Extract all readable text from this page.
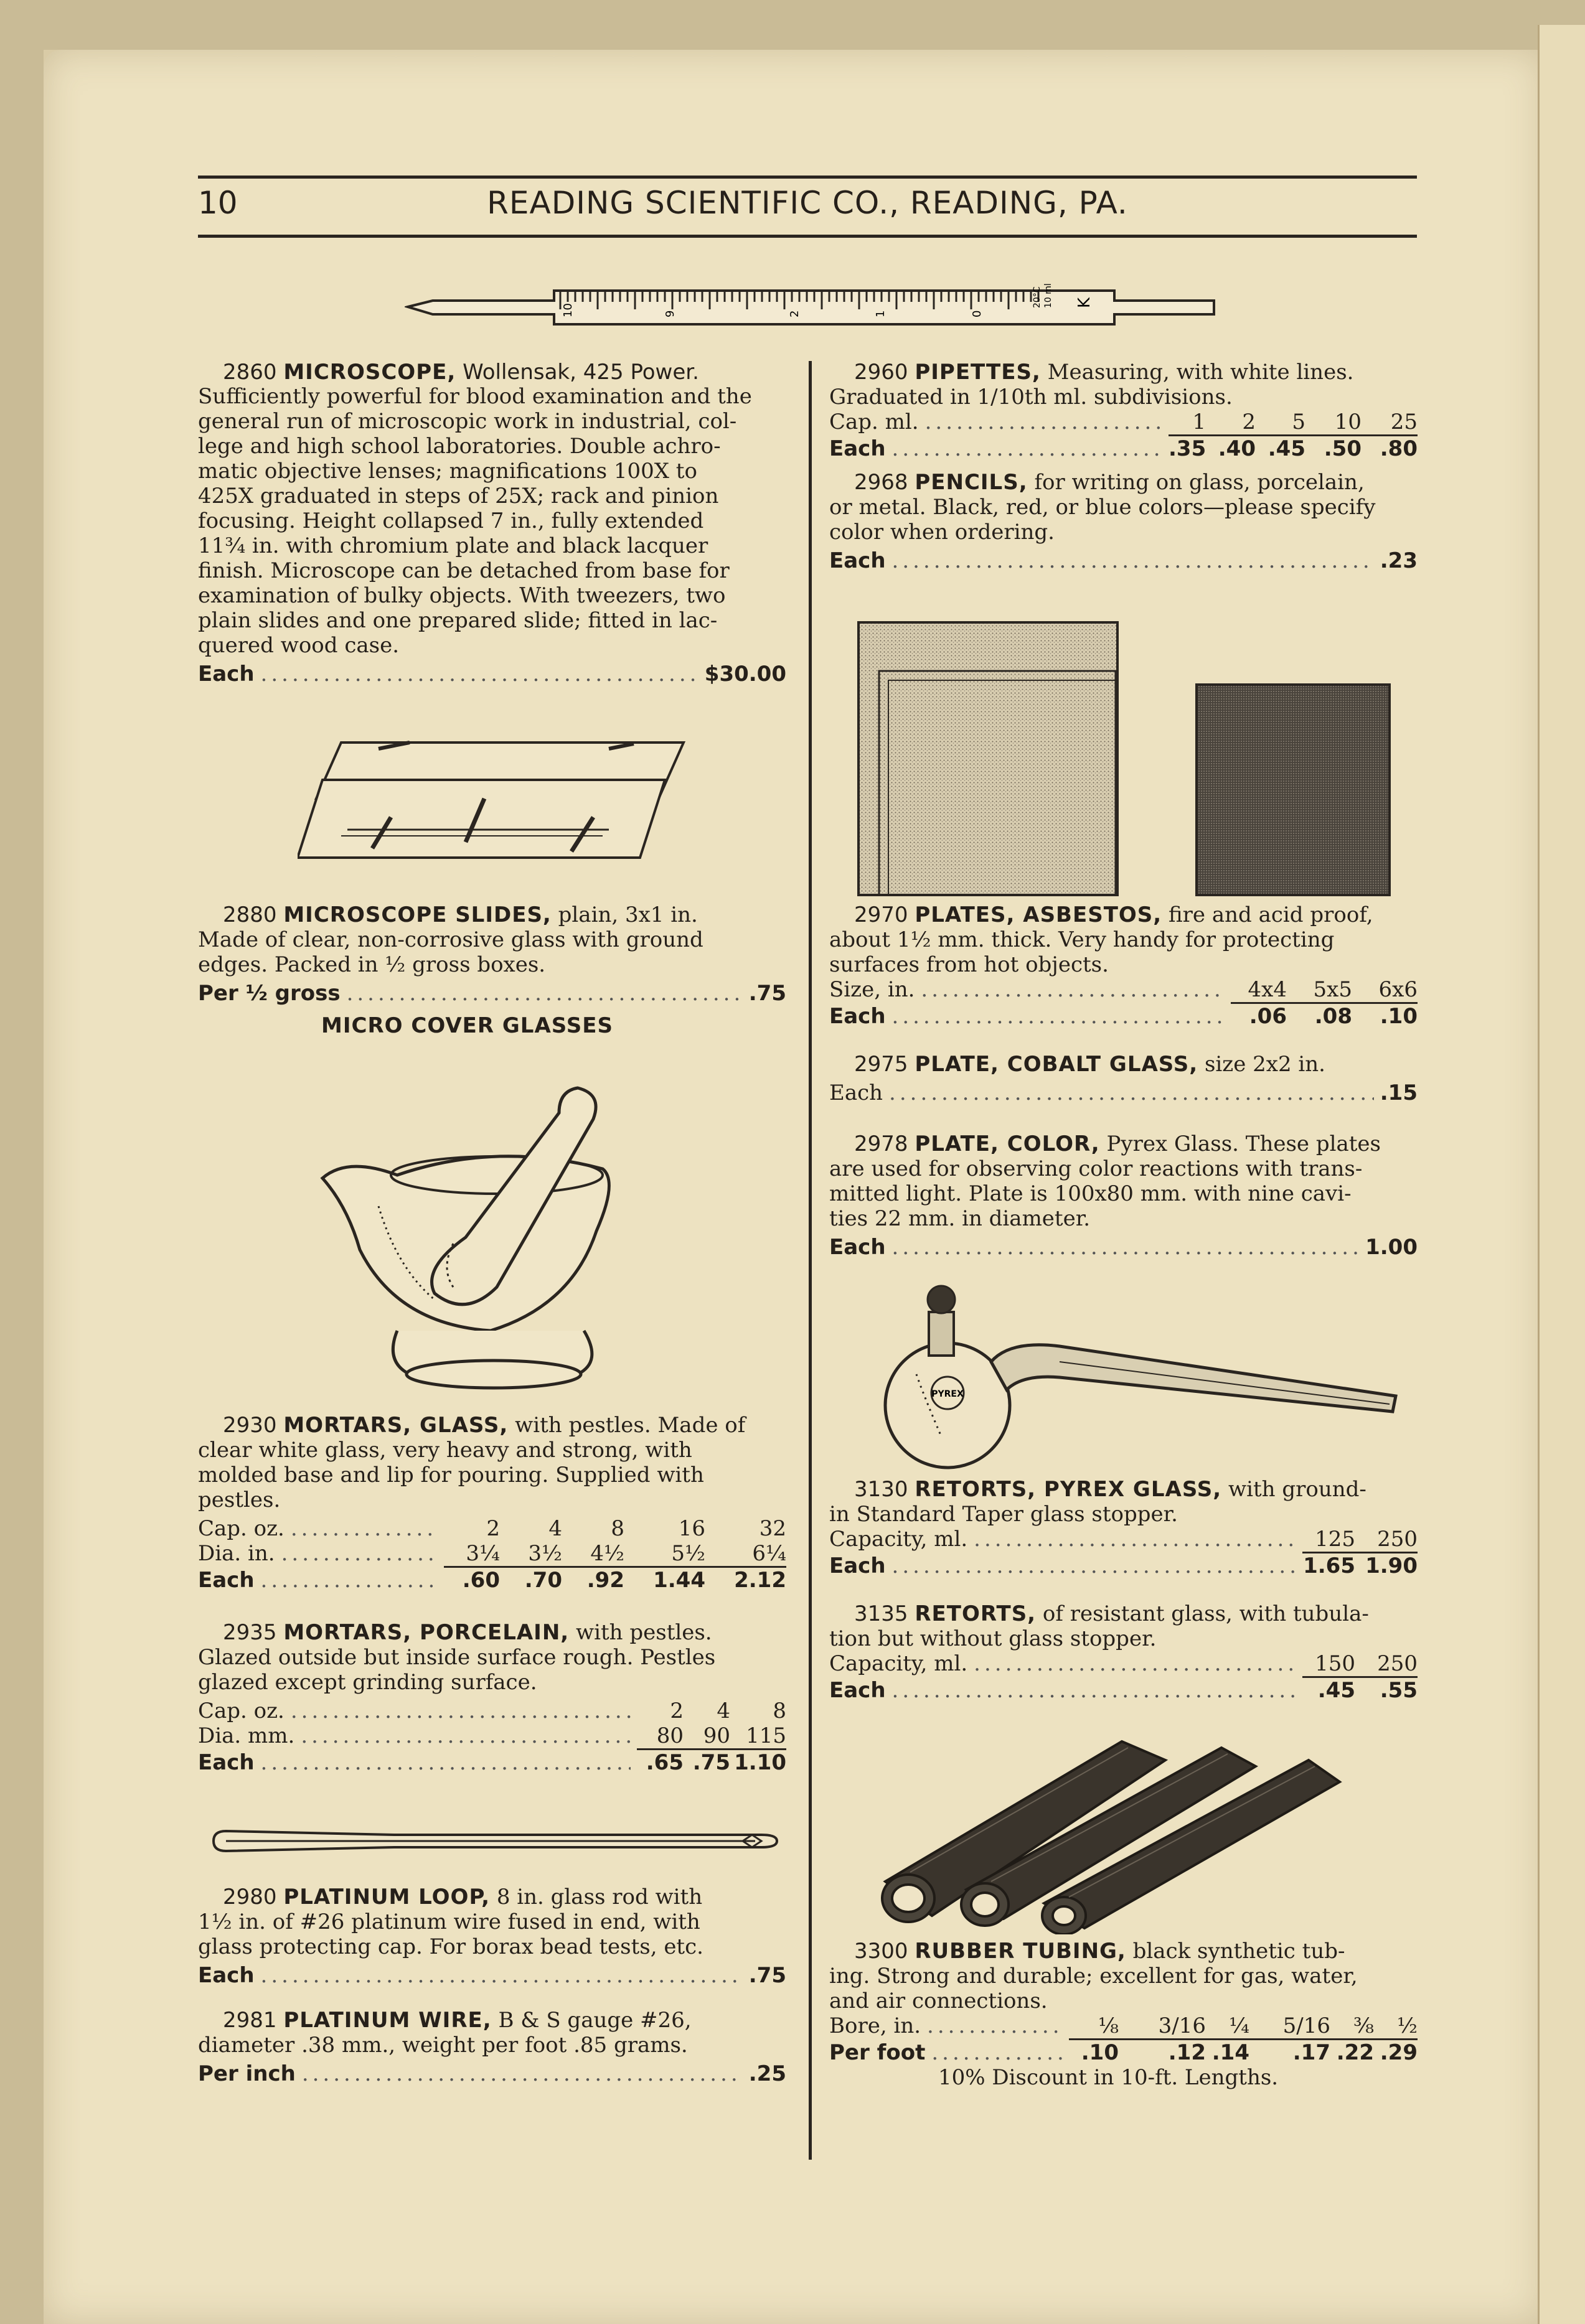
10	READING SCIENTIFIC CO., READING, PA.
10	9	2	1	0
K
10 ml
20°C

2860 MICROSCOPE, Wollensak, 425 Power.

Sufficiently powerful for blood examination and the
general run of microscopic work in industrial, col-
lege and high school laboratories. Double achro-
matic objective lenses; magnifications 100X to
425X graduated in steps of 25X; rack and pinion
focusing. Height collapsed 7 in., fully extended
11¾ in. with chromium plate and black lacquer
finish. Microscope can be detached from base for
examination of bulky objects. With tweezers, two
plain slides and one prepared slide; fitted in lac-
quered wood case.
Each .....	$30.00

2880 MICROSCOPE SLIDES, plain, 3x1 in.

Made of clear, non-corrosive glass with ground
edges. Packed in ½ gross boxes.
Per ½ gross .....	.75
MICRO COVER GLASSES

2930 MORTARS, GLASS, with pestles. Made of

clear white glass, very heavy and strong, with
molded base and lip for pouring. Supplied with
pestles.
Cap. oz. .....	2	4	8	16	32
Dia. in. .....	3¼	3½	4½	5½	6¼
Each .....	.60	.70	.92	1.44	2.12

2935 MORTARS, PORCELAIN, with pestles.

Glazed outside but inside surface rough. Pestles
glazed except grinding surface.
Cap. oz. .....	2	4	8
Dia. mm. .....	80 90 115
Each .....	.65 .75 1.10

2980 PLATINUM LOOP, 8 in. glass rod with

1½ in. of #26 platinum wire fused in end, with
glass protecting cap. For borax bead tests, etc.
Each .....	.75

2981 PLATINUM WIRE, B & S gauge #26,

diameter .38 mm., weight per foot .85 grams.
Per inch .....	.25

2960 PIPETTES, Measuring, with white lines.

Graduated in 1/10th ml. subdivisions.
Cap. ml. .....	1	2	5	10	25
Each .....	.35 .40 .45 .50 .80

2968 PENCILS, for writing on glass, porcelain,

or metal. Black, red, or blue colors—please specify
color when ordering.
Each .....	.23

2970 PLATES, ASBESTOS, fire and acid proof,

about 1½ mm. thick. Very handy for protecting
surfaces from hot objects.
Size, in. .....	4x4	5x5	6x6
Each .....	.06	.08	.10

2975 PLATE, COBALT GLASS, size 2x2 in.

Each .....	.15

2978 PLATE, COLOR, Pyrex Glass. These plates

are used for observing color reactions with trans-
mitted light. Plate is 100x80 mm. with nine cavi-
ties 22 mm. in diameter.
Each .....	1.00
PYREX

3130 RETORTS, PYREX GLASS, with ground-

in Standard Taper glass stopper.
Capacity, ml. .....	125	250
Each .....	1.65 1.90

3135 RETORTS, of resistant glass, with tubula-

tion but without glass stopper.
Capacity, ml. .....	150	250
Each .....	.45	.55

3300 RUBBER TUBING, black synthetic tub-

ing. Strong and durable; excellent for gas, water,
and air connections.
Bore, in. .....	⅛	3/16	¼	5/16	⅜	½
Per foot .....	.10	.12 .14	.17 .22 .29
10% Discount in 10-ft. Lengths.
